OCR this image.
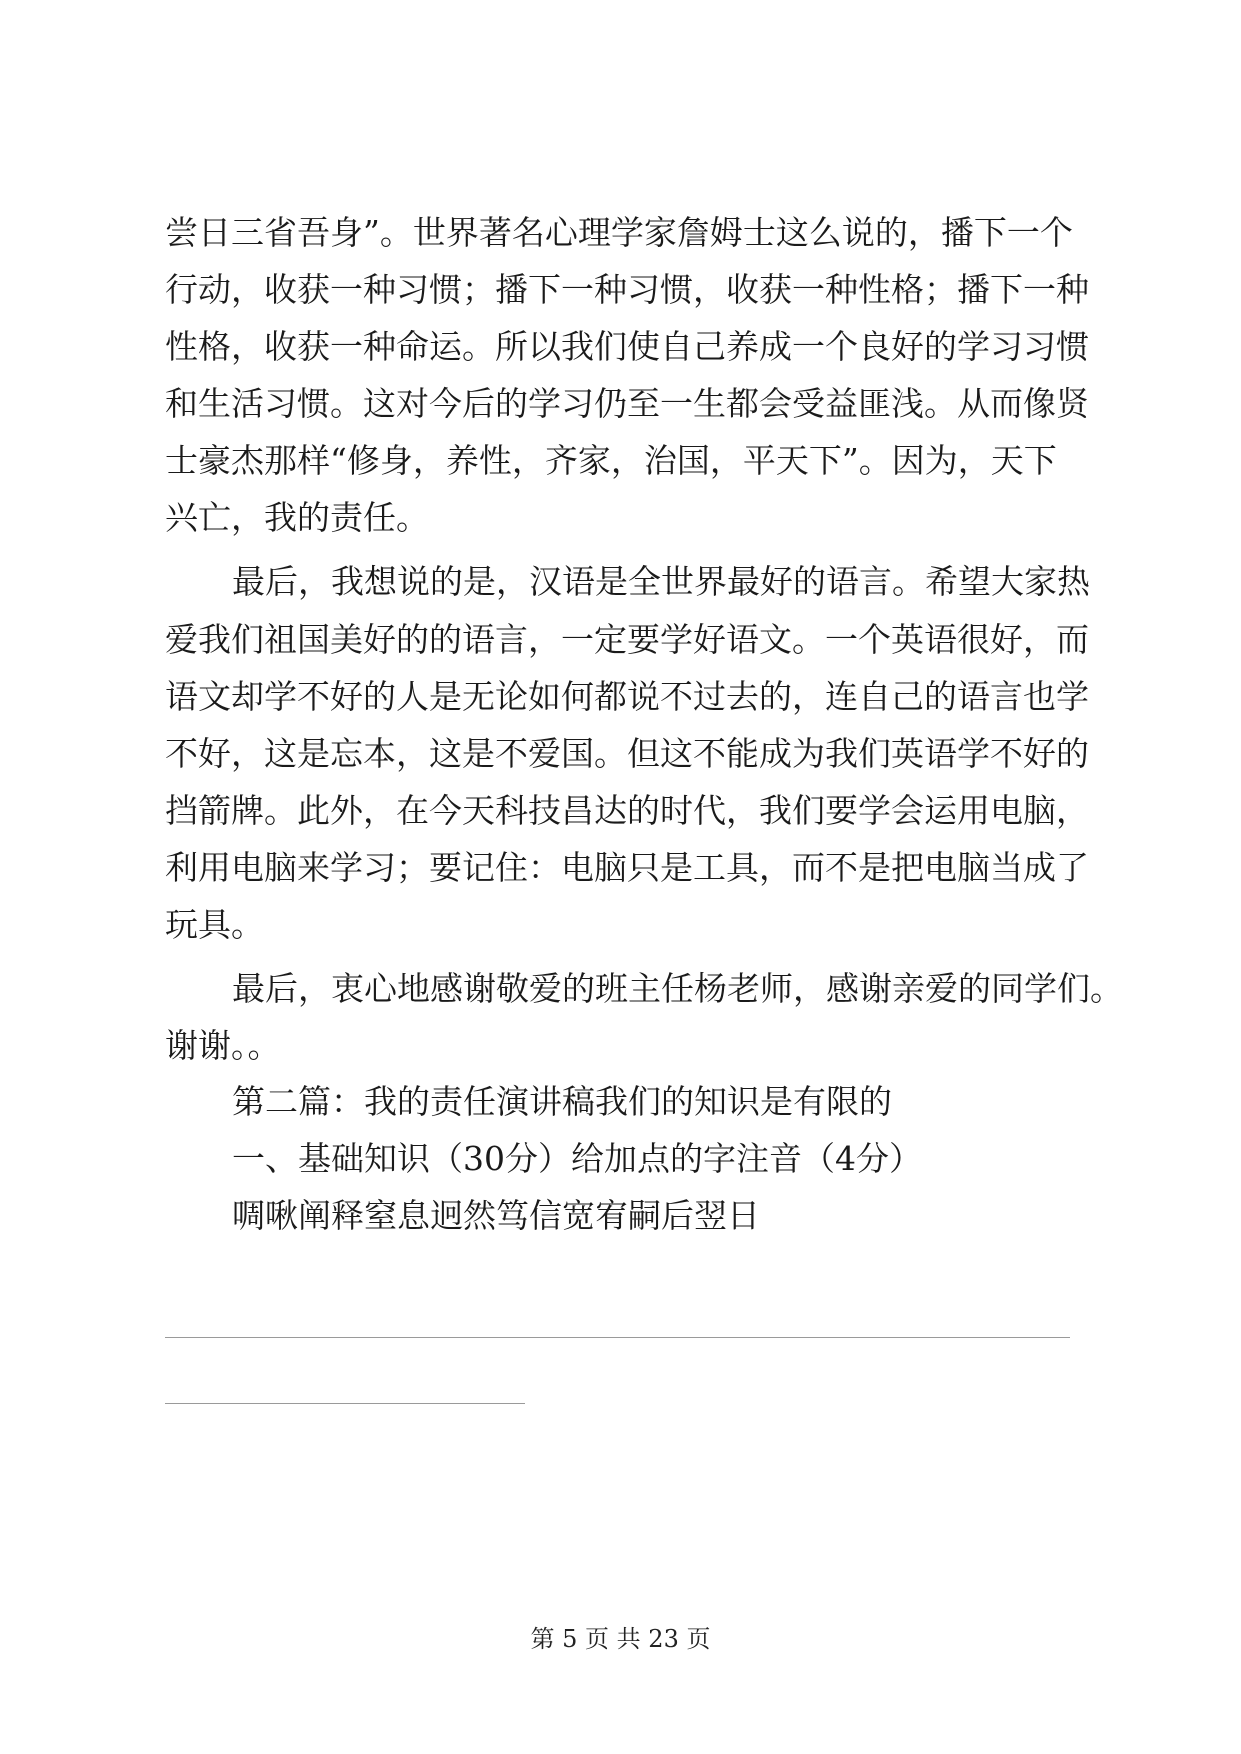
尝日三省吾身”。世界著名心理学家詹姆士这么说的，播下一个
行动，收获一种习惯；播下一种习惯，收获一种性格；播下一种
性格，收获一种命运。所以我们使自己养成一个良好的学习习惯
和生活习惯。这对今后的学习仍至一生都会受益匪浅。从而像贤
士豪杰那样“修身，养性，齐家，治国，平天下”。因为，天下
兴亡，我的责任。
最后，我想说的是，汉语是全世界最好的语言。希望大家热
爱我们祖国美好的的语言，一定要学好语文。一个英语很好，而
语文却学不好的人是无论如何都说不过去的，连自己的语言也学
不好，这是忘本，这是不爱国。但这不能成为我们英语学不好的
挡箭牌。此外，在今天科技昌达的时代，我们要学会运用电脑，
利用电脑来学习；要记住：电脑只是工具，而不是把电脑当成了
玩具。
最后，衷心地感谢敬爱的班主任杨老师，感谢亲爱的同学们。
谢谢。。
第二篇：我的责任演讲稿我们的知识是有限的
一、基础知识（30分）给加点的字注音（4分）
啁啾阐释窒息迥然笃信宽宥嗣后翌日
第 5 页 共 23 页
